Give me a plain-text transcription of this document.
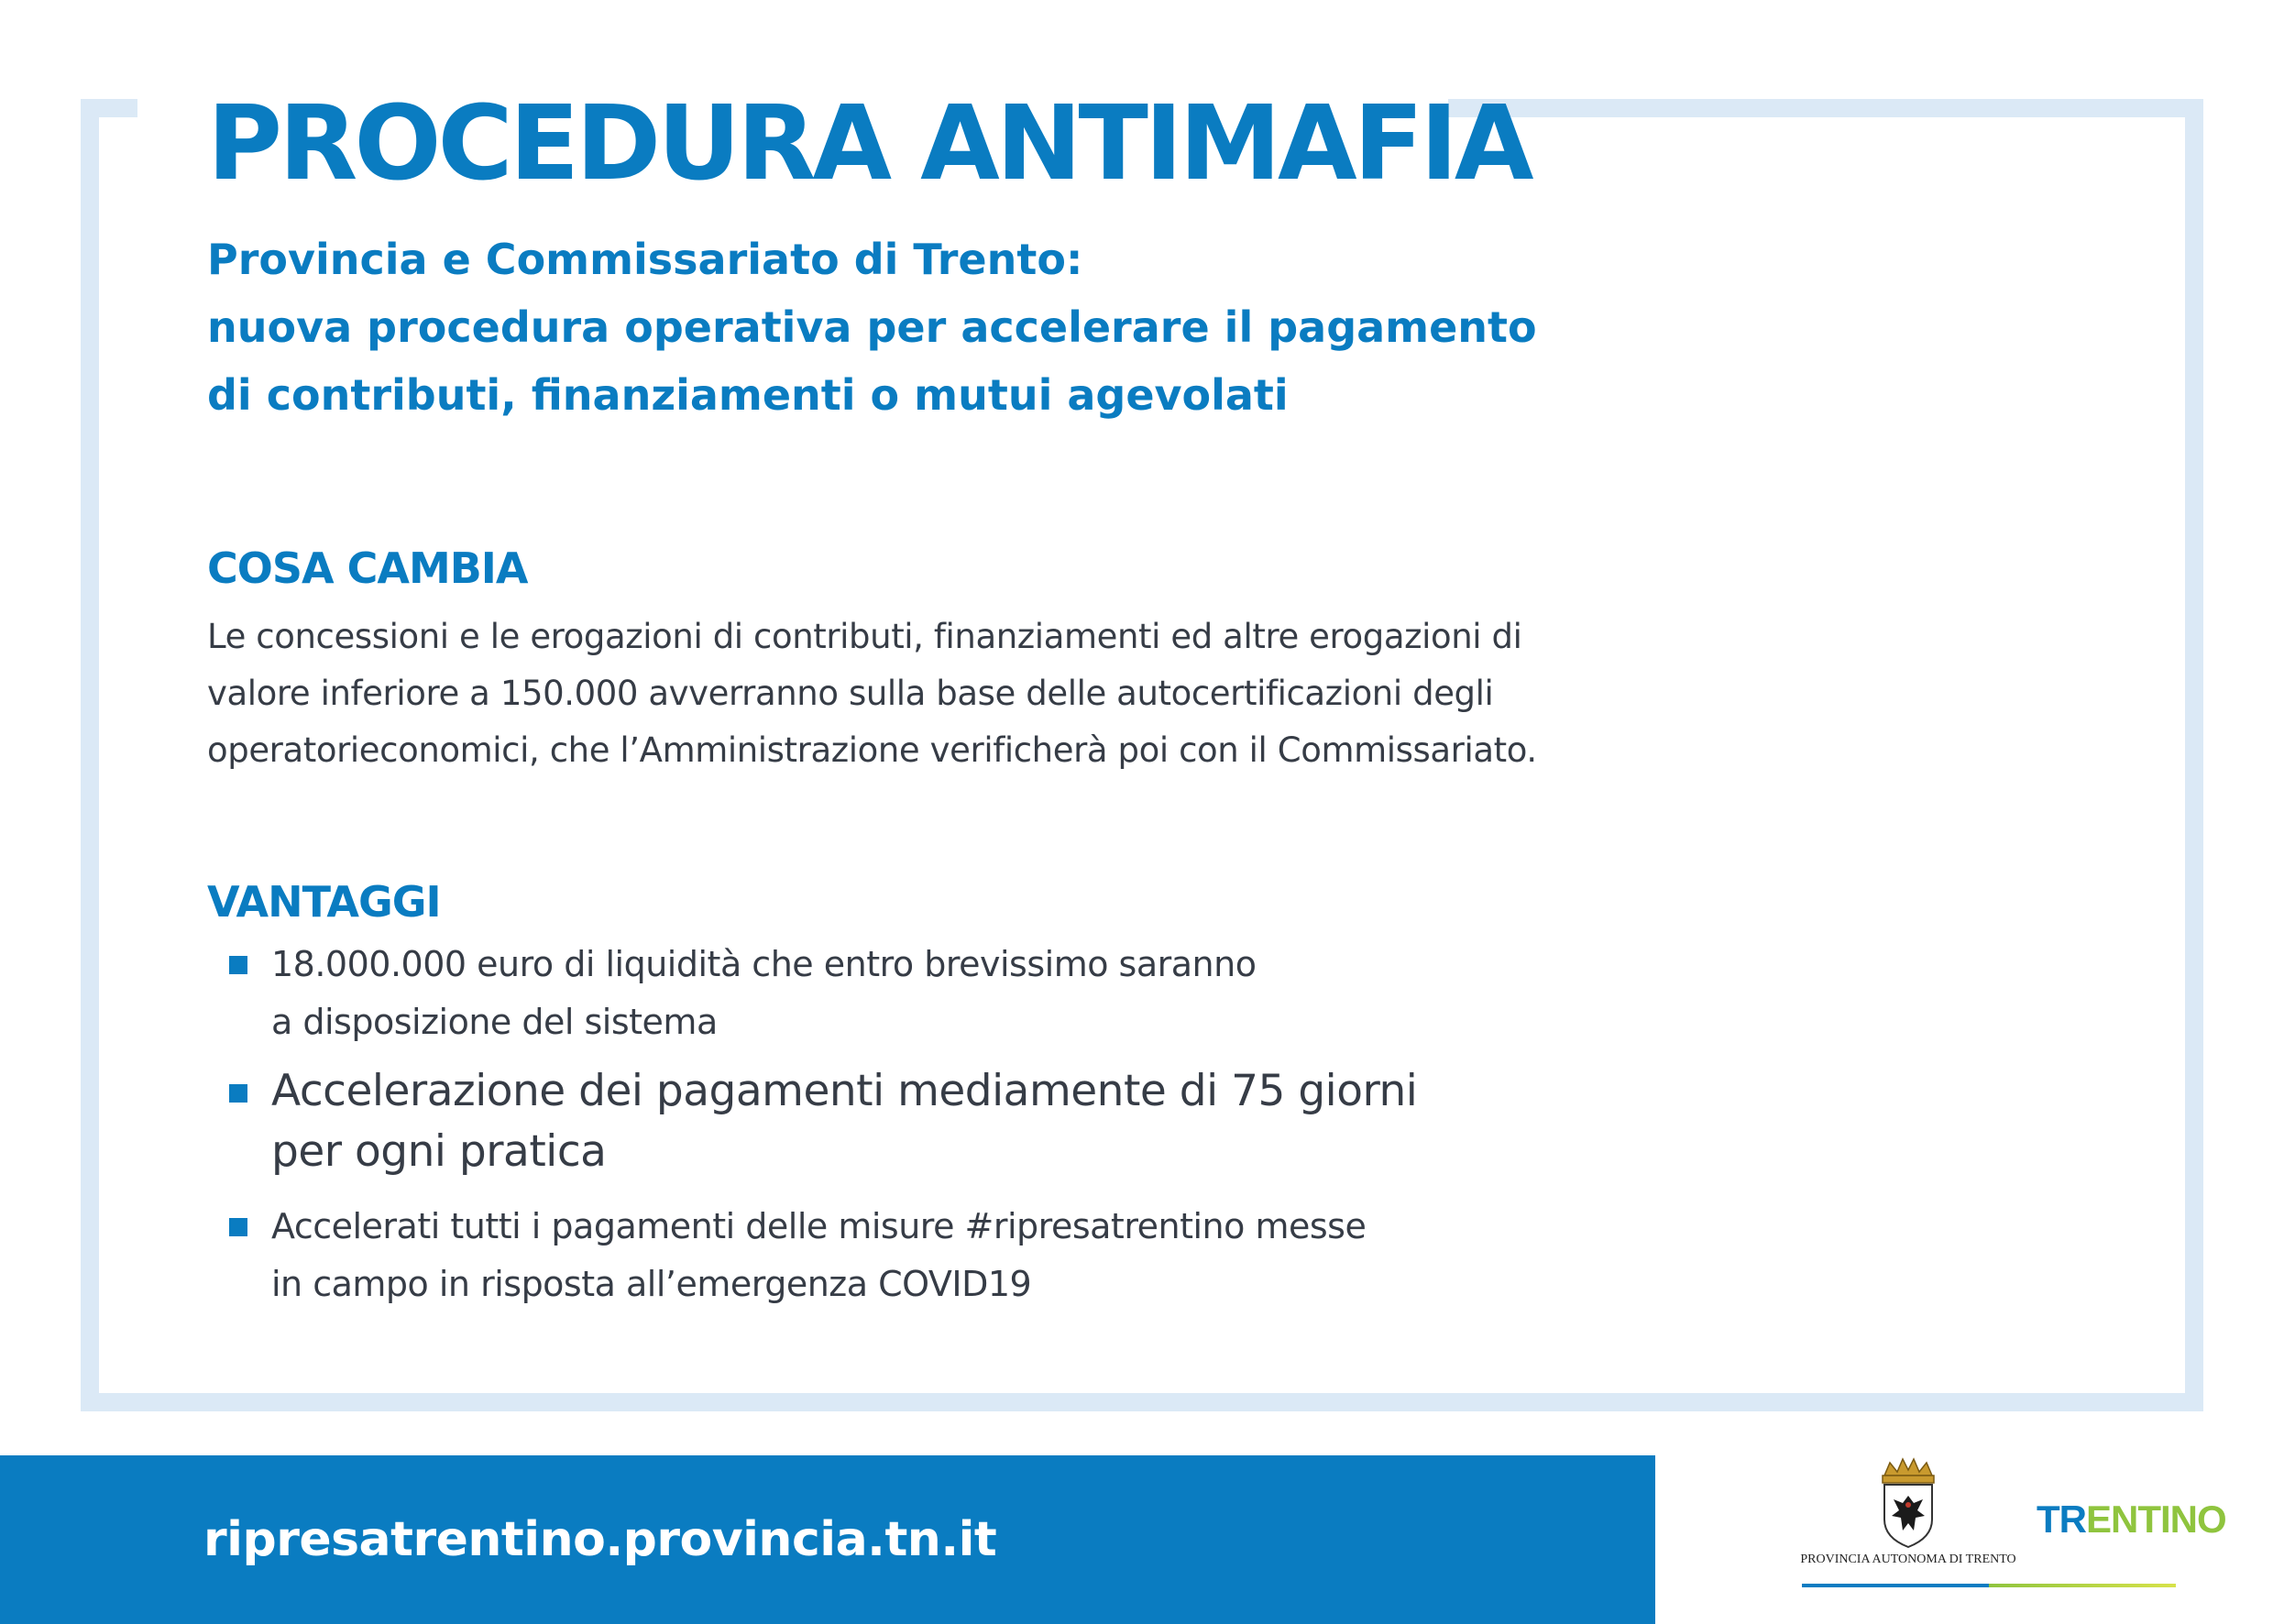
PROCEDURA ANTIMAFIA
Provincia e Commissariato di Trento:
nuova procedura operativa per accelerare il pagamento
di contributi, finanziamenti o mutui agevolati
COSA CAMBIA
Le concessioni e le erogazioni di contributi, finanziamenti ed altre erogazioni di
valore inferiore a 150.000 avverranno sulla base delle autocertificazioni degli
operatorieconomici, che l’Amministrazione verificherà poi con il Commissariato.
VANTAGGI
18.000.000 euro di liquidità che entro brevissimo saranno
a disposizione del sistema
Accelerazione dei pagamenti mediamente di 75 giorni
per ogni pratica
Accelerati tutti i pagamenti delle misure #ripresatrentino messe
in campo in risposta all’emergenza COVID19
ripresatrentino.provincia.tn.it	PROVINCIA AUTONOMA DI TRENTO
TRENTINO
